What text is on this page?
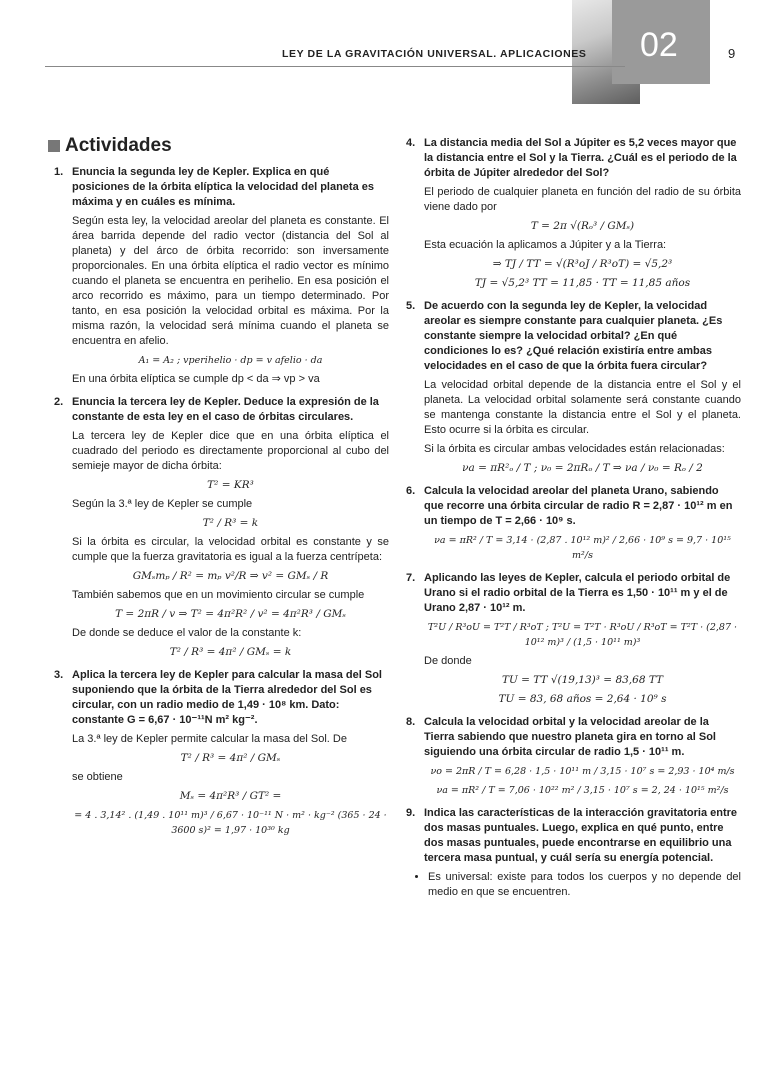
02
LEY DE LA GRAVITACIÓN UNIVERSAL. APLICACIONES	9
Actividades
1. Enuncia la segunda ley de Kepler. Explica en qué posiciones de la órbita elíptica la velocidad del planeta es máxima y en cuáles es mínima.
Según esta ley, la velocidad areolar del planeta es constante. El área barrida depende del radio vector (distancia del Sol al planeta) y del árco de órbita recorrido: son inversamente proporcionales. En una órbita elíptica el radio vector es mínimo cuando el planeta se encuentra en perihelio. En esa posición el arco recorrido es máximo, para un tiempo determinado. Por tanto, en esa posición la velocidad orbital es máxima. Por la misma razón, la velocidad será mínima cuando el planeta se encuentra en afelio.
A₁ = A₂ ; vperihelio · dp = v afelio · da
En una órbita elíptica se cumple dp < da ⇒ vp > va
2. Enuncia la tercera ley de Kepler. Deduce la expresión de la constante de esta ley en el caso de órbitas circulares.
La tercera ley de Kepler dice que en una órbita elíptica el cuadrado del periodo es directamente proporcional al cubo del semieje mayor de dicha órbita:
T² = KR³
Según la 3.ª ley de Kepler se cumple
T² / R³ = k
Si la órbita es circular, la velocidad orbital es constante y se cumple que la fuerza gravitatoria es igual a la fuerza centrípeta:
GMₛmₚ / R² = mₚ v²/R ⇒ v² = GMₛ / R
También sabemos que en un movimiento circular se cumple
T = 2πR / v ⇒ T² = 4π²R² / v² = 4π²R³ / GMₛ
De donde se deduce el valor de la constante k:
T² / R³ = 4π² / GMₛ = k
3. Aplica la tercera ley de Kepler para calcular la masa del Sol suponiendo que la órbita de la Tierra alrededor del Sol es circular, con un radio medio de 1,49 · 10⁸ km. Dato: constante G = 6,67 · 10⁻¹¹N m² kg⁻².
La 3.ª ley de Kepler permite calcular la masa del Sol. De
T² / R³ = 4π² / GMₛ
se obtiene
Mₛ = 4π²R³ / GT² =
= 4 . 3,14² . (1,49 . 10¹¹ m)³ / 6,67 · 10⁻¹¹ N · m² · kg⁻² (365 · 24 · 3600 s)² = 1,97 · 10³⁰ kg
4. La distancia media del Sol a Júpiter es 5,2 veces mayor que la distancia entre el Sol y la Tierra. ¿Cuál es el periodo de la órbita de Júpiter alrededor del Sol?
El periodo de cualquier planeta en función del radio de su órbita viene dado por
T = 2π √(Rₒ³ / GMₛ)
Esta ecuación la aplicamos a Júpiter y a la Tierra:
⇒ TJ / TT = √(R³oJ / R³oT) = √5,2³
TJ = √5,2³ TT = 11,85 · TT = 11,85 años
5. De acuerdo con la segunda ley de Kepler, la velocidad areolar es siempre constante para cualquier planeta. ¿Es constante siempre la velocidad orbital? ¿En qué condiciones lo es? ¿Qué relación existiría entre ambas velocidades en el caso de que la órbita fuera circular?
La velocidad orbital depende de la distancia entre el Sol y el planeta. La velocidad orbital solamente será constante cuando se mantenga constante la distancia entre el Sol y el planeta. Esto ocurre si la órbita es circular.
Si la órbita es circular ambas velocidades están relacionadas:
νa = πR²ₒ / T ; ν₀ = 2πRₒ / T ⇒ νa / ν₀ = Rₒ / 2
6. Calcula la velocidad areolar del planeta Urano, sabiendo que recorre una órbita circular de radio R = 2,87 · 10¹² m en un tiempo de T = 2,66 · 10⁹ s.
νa = πR² / T = 3,14 · (2,87 . 10¹² m)² / 2,66 · 10⁹ s = 9,7 · 10¹⁵ m²/s
7. Aplicando las leyes de Kepler, calcula el periodo orbital de Urano si el radio orbital de la Tierra es 1,50 · 10¹¹ m y el de Urano 2,87 · 10¹² m.
T²U / R³oU = T²T / R³oT ; T²U = T²T · R³oU / R³oT = T²T · (2,87 · 10¹² m)³ / (1,5 · 10¹¹ m)³
De donde
TU = TT √(19,13)³ = 83,68 TT
TU = 83, 68 años = 2,64 · 10⁹ s
8. Calcula la velocidad orbital y la velocidad areolar de la Tierra sabiendo que nuestro planeta gira en torno al Sol siguiendo una órbita circular de radio 1,5 · 10¹¹ m.
νo = 2πR / T = 6,28 · 1,5 · 10¹¹ m / 3,15 · 10⁷ s = 2,93 · 10⁴ m/s
νa = πR² / T = 7,06 · 10²² m² / 3,15 · 10⁷ s = 2, 24 · 10¹⁵ m²/s
9. Indica las características de la interacción gravitatoria entre dos masas puntuales. Luego, explica en qué punto, entre dos masas puntuales, puede encontrarse en equilibrio una tercera masa puntual, y cuál sería su energía potencial.
• Es universal: existe para todos los cuerpos y no depende del medio en que se encuentren.
